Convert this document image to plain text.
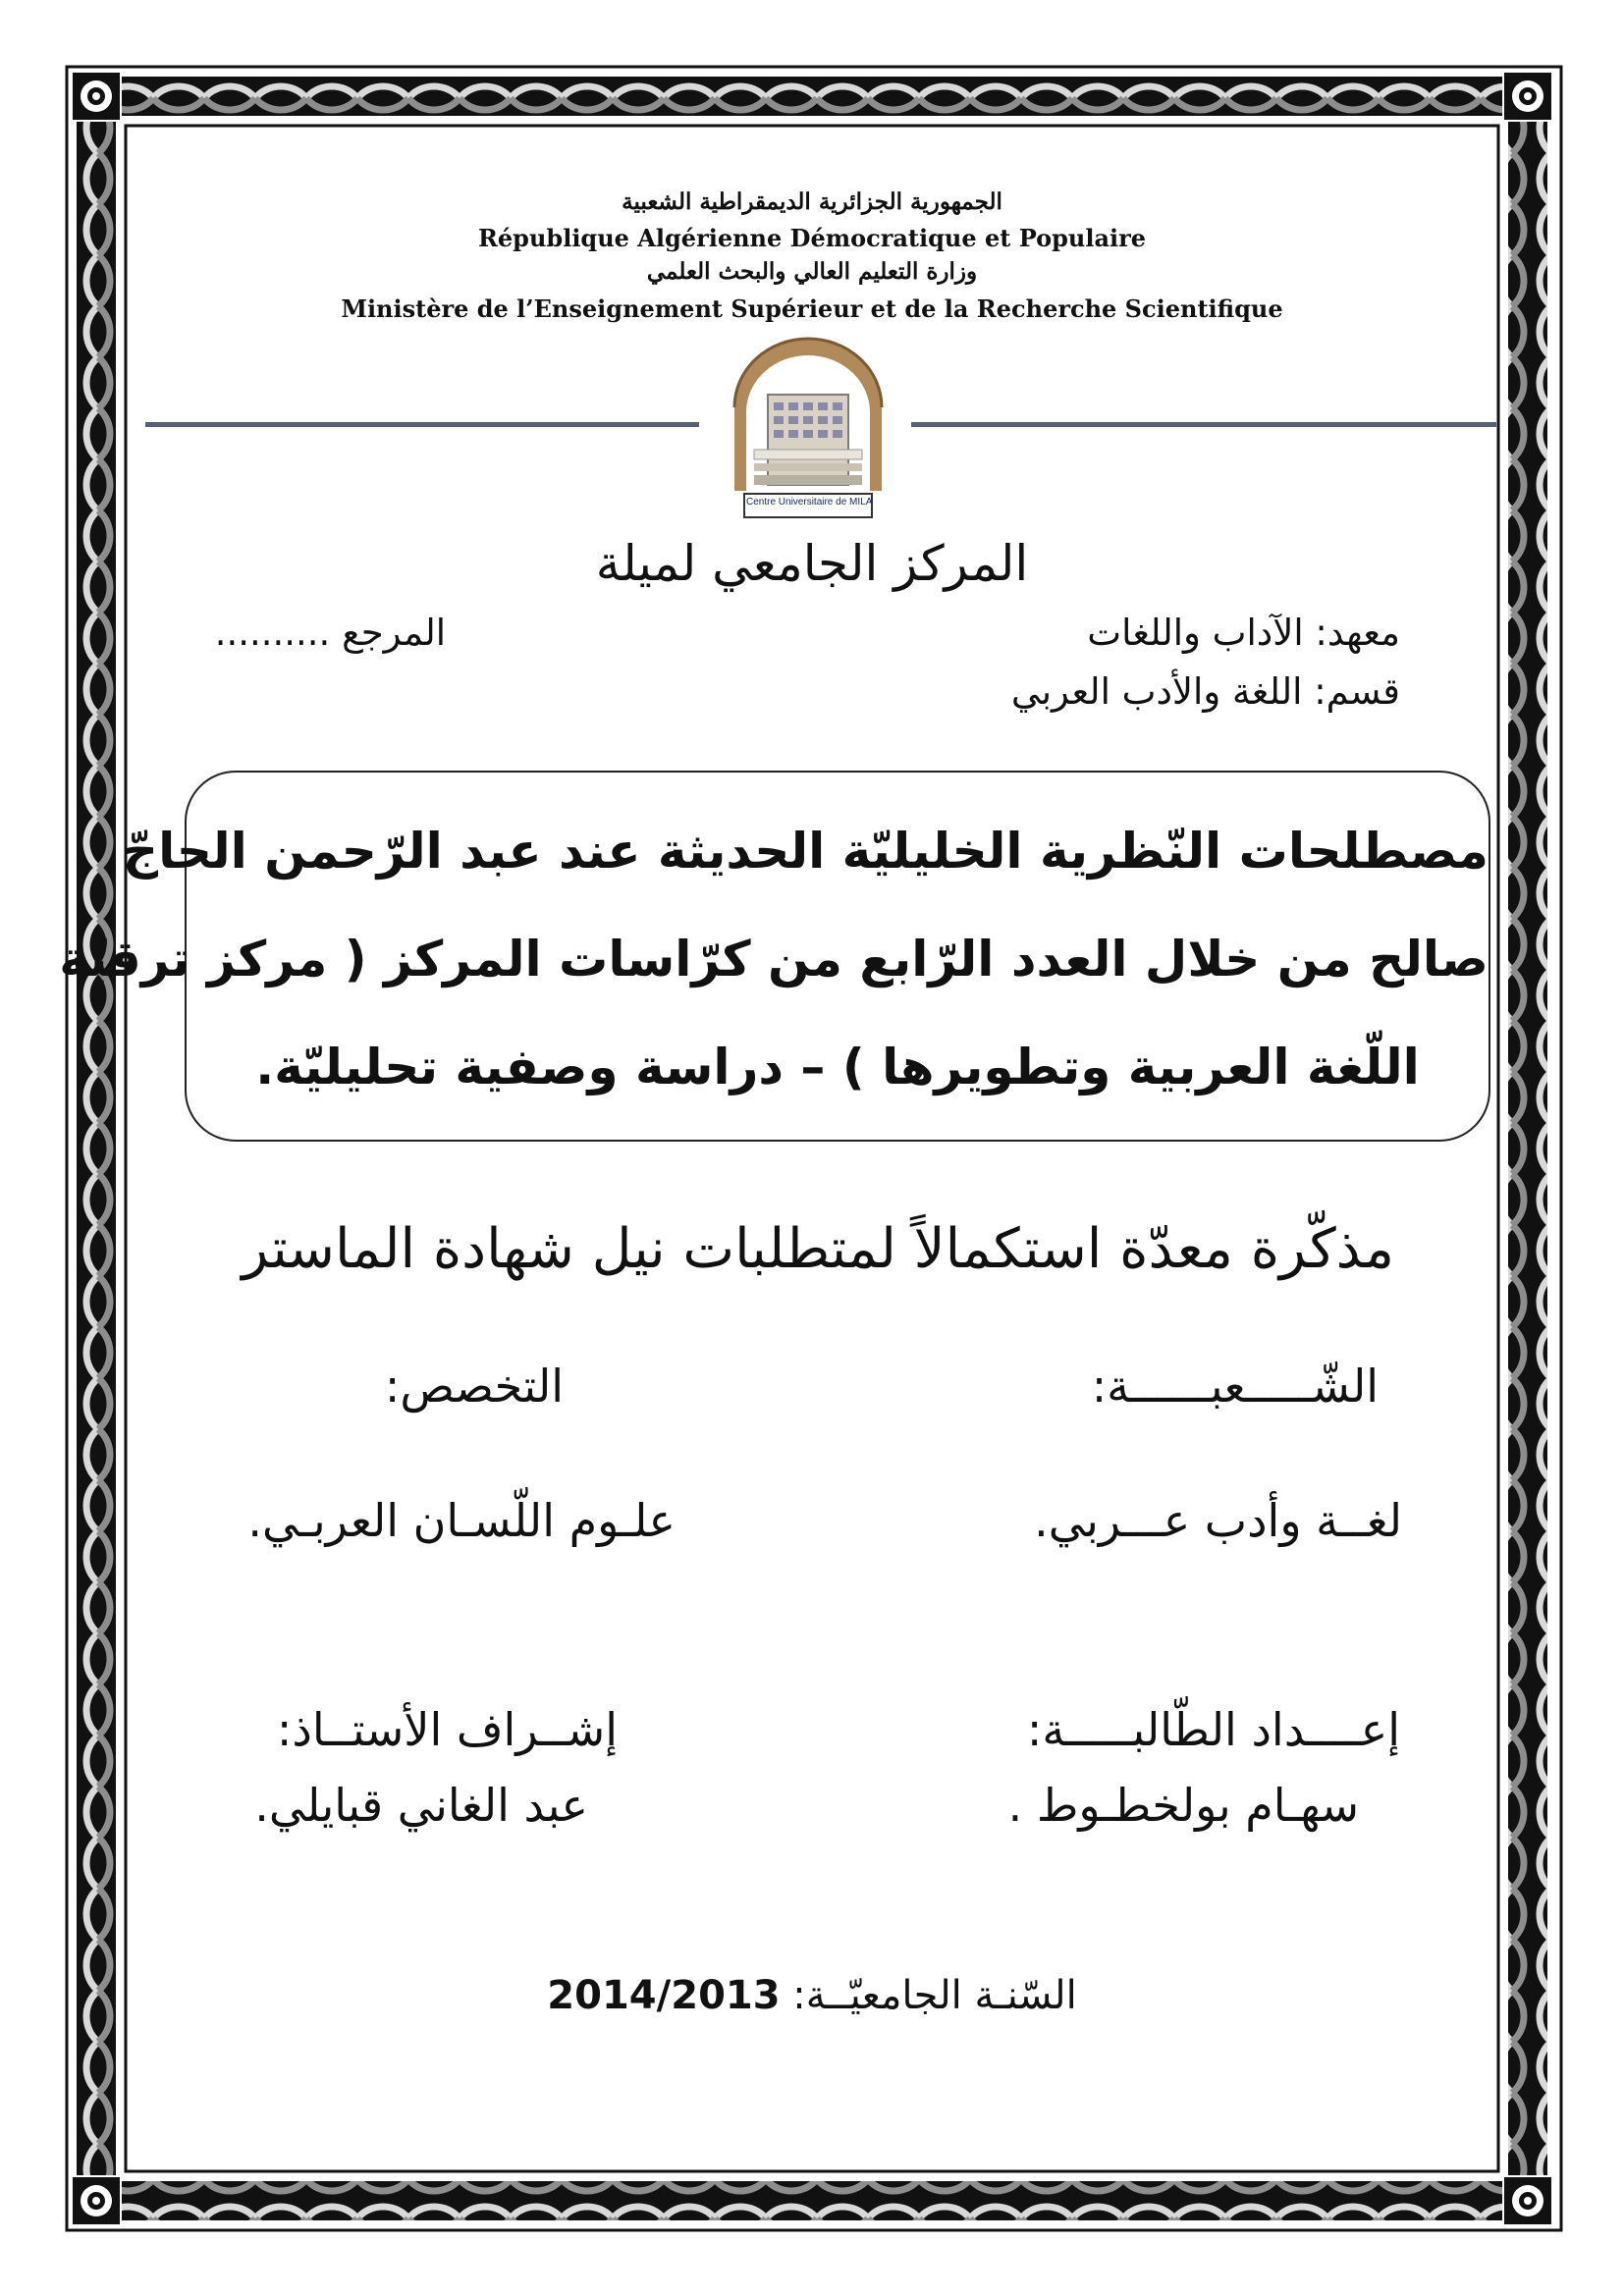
الجمهورية الجزائرية الديمقراطية الشعبية
République Algérienne Démocratique et Populaire
وزارة التعليم العالي والبحث العلمي
Ministère de l’Enseignement Supérieur et de la Recherche Scientifique
Centre Universitaire de MILA
المركز الجامعي لميلة
معهد: الآداب واللغات
المرجع ..........
قسم: اللغة والأدب العربي
مصطلحات النّظرية الخليليّة الحديثة عند عبد الرّحمن الحاجّ
صالح من خلال العدد الرّابع من كرّاسات المركز ( مركز ترقيّة
اللّغة العربية وتطويرها ) – دراسة وصفية تحليليّة.
مذكّرة معدّة استكمالاً لمتطلبات نيل شهادة الماستر
الشّـــــعبــــــة:
التخصص:
لغــة وأدب عـــربي.
علـوم اللّسـان العربـي.
إعــــداد الطّالبـــــة:
إشــراف الأستــاذ:
سهـام بولخطـوط .
عبد الغاني قبايلي.
السّنـة الجامعيّــة: 2014/2013
